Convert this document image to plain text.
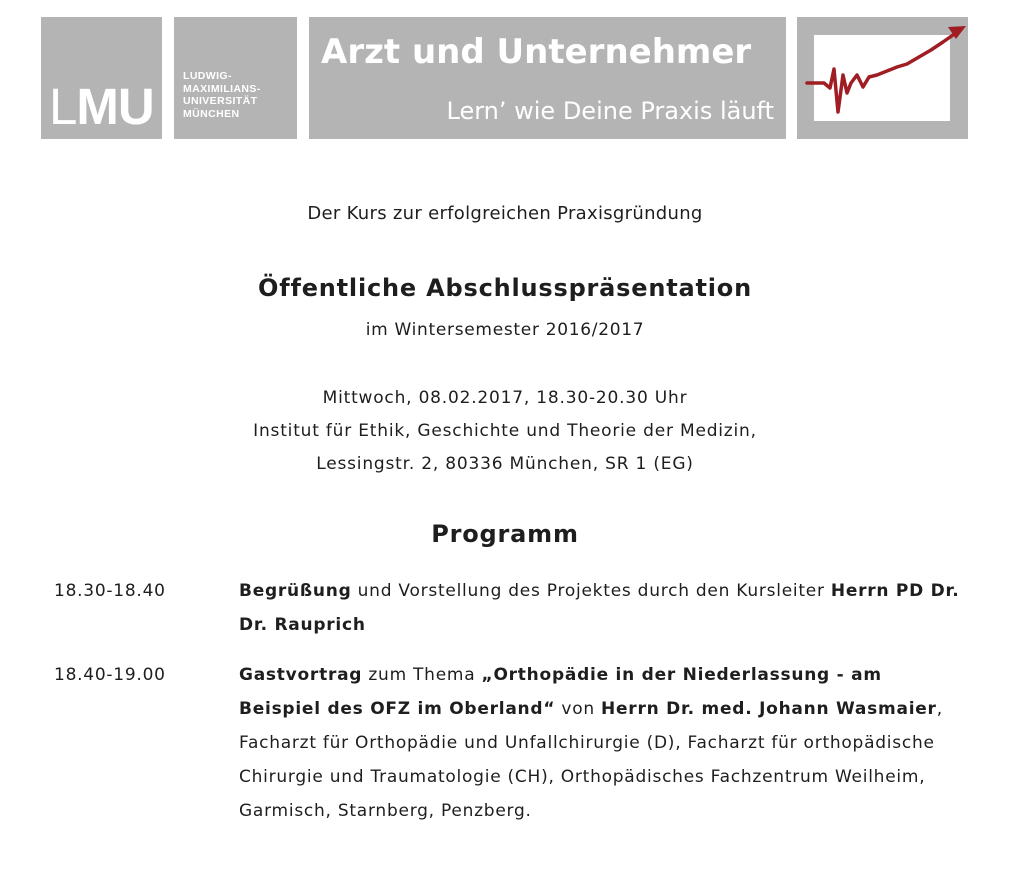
LMU
LUDWIG-
MAXIMILIANS-
UNIVERSITÄT
MÜNCHEN
Arzt und Unternehmer
Lern’ wie Deine Praxis läuft
Der Kurs zur erfolgreichen Praxisgründung
Öffentliche Abschlusspräsentation
im Wintersemester 2016/2017
Mittwoch, 08.02.2017, 18.30-20.30 Uhr
Institut für Ethik, Geschichte und Theorie der Medizin,
Lessingstr. 2, 80336 München, SR 1 (EG)
Programm
18.30-18.40	Begrüßung und Vorstellung des Projektes durch den Kursleiter Herrn PD Dr. Dr. Rauprich
18.40-19.00	Gastvortrag zum Thema „Orthopädie in der Niederlassung - am Beispiel des OFZ im Oberland“ von Herrn Dr. med. Johann Wasmaier, Facharzt für Orthopädie und Unfallchirurgie (D), Facharzt für orthopädische Chirurgie und Traumatologie (CH), Orthopädisches Fachzentrum Weilheim, Garmisch, Starnberg, Penzberg.
